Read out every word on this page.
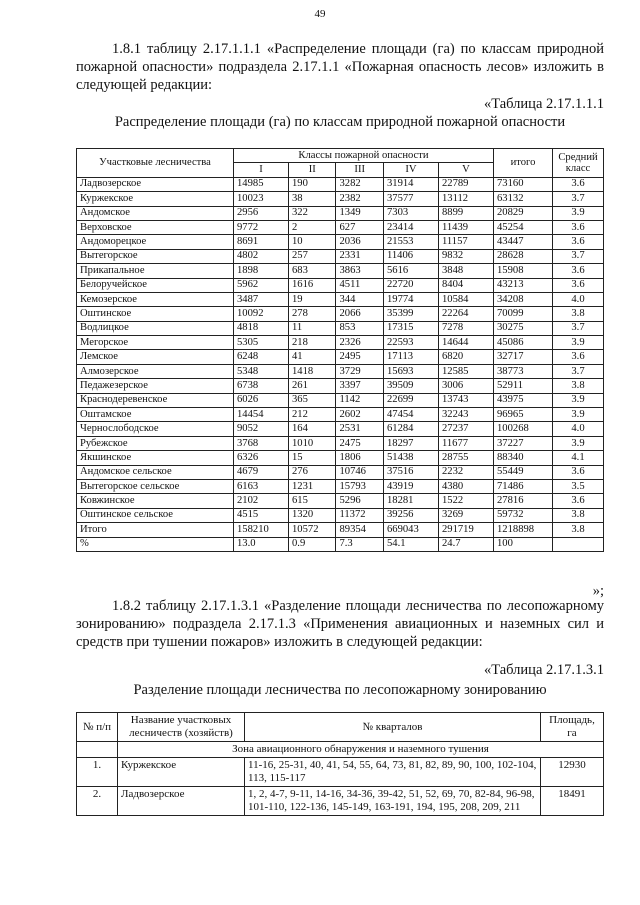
49
1.8.1 таблицу 2.17.1.1.1 «Распределение площади (га) по классам природной пожарной опасности» подраздела 2.17.1.1 «Пожарная опасность лесов» изложить в следующей редакции:
«Таблица 2.17.1.1.1
Распределение площади (га) по классам природной пожарной опасности
Участковые лесничества	Классы пожарной опасности					итого	Средний класс
	I	II	III	IV	V		
Ладвозерское	14985	190	3282	31914	22789	73160	3.6
Куржекское	10023	38	2382	37577	13112	63132	3.7
Андомское	2956	322	1349	7303	8899	20829	3.9
Верховское	9772	2	627	23414	11439	45254	3.6
Андоморецкое	8691	10	2036	21553	11157	43447	3.6
Вытегорское	4802	257	2331	11406	9832	28628	3.7
Прикапальное	1898	683	3863	5616	3848	15908	3.6
Белоручейское	5962	1616	4511	22720	8404	43213	3.6
Кемозерское	3487	19	344	19774	10584	34208	4.0
Оштинское	10092	278	2066	35399	22264	70099	3.8
Водлицкое	4818	11	853	17315	7278	30275	3.7
Мегорское	5305	218	2326	22593	14644	45086	3.9
Лемское	6248	41	2495	17113	6820	32717	3.6
Алмозерское	5348	1418	3729	15693	12585	38773	3.7
Педажезерское	6738	261	3397	39509	3006	52911	3.8
Краснодеревенское	6026	365	1142	22699	13743	43975	3.9
Оштамское	14454	212	2602	47454	32243	96965	3.9
Чернослободское	9052	164	2531	61284	27237	100268	4.0
Рубежское	3768	1010	2475	18297	11677	37227	3.9
Якшинское	6326	15	1806	51438	28755	88340	4.1
Андомское сельское	4679	276	10746	37516	2232	55449	3.6
Вытегорское сельское	6163	1231	15793	43919	4380	71486	3.5
Ковжинское	2102	615	5296	18281	1522	27816	3.6
Оштинское сельское	4515	1320	11372	39256	3269	59732	3.8
Итого	158210	10572	89354	669043	291719	1218898	3.8
%	13.0	0.9	7.3	54.1	24.7	100	
»;
1.8.2 таблицу 2.17.1.3.1 «Разделение площади лесничества по лесопожарному зонированию» подраздела 2.17.1.3 «Применения авиационных и наземных сил и средств при тушении пожаров» изложить в следующей редакции:
«Таблица 2.17.1.3.1
Разделение площади лесничества по лесопожарному зонированию
№ п/п	Название участковых лесничеств (хозяйств)	№ кварталов	Площадь, га
	Зона авиационного обнаружения и наземного тушения		
1.	Куржекское	11-16, 25-31, 40, 41, 54, 55, 64, 73, 81, 82, 89, 90, 100, 102-104, 113, 115-117	12930
2.	Ладвозерское	1, 2, 4-7, 9-11, 14-16, 34-36, 39-42, 51, 52, 69, 70, 82-84, 96-98, 101-110, 122-136, 145-149, 163-191, 194, 195, 208, 209, 211	18491
